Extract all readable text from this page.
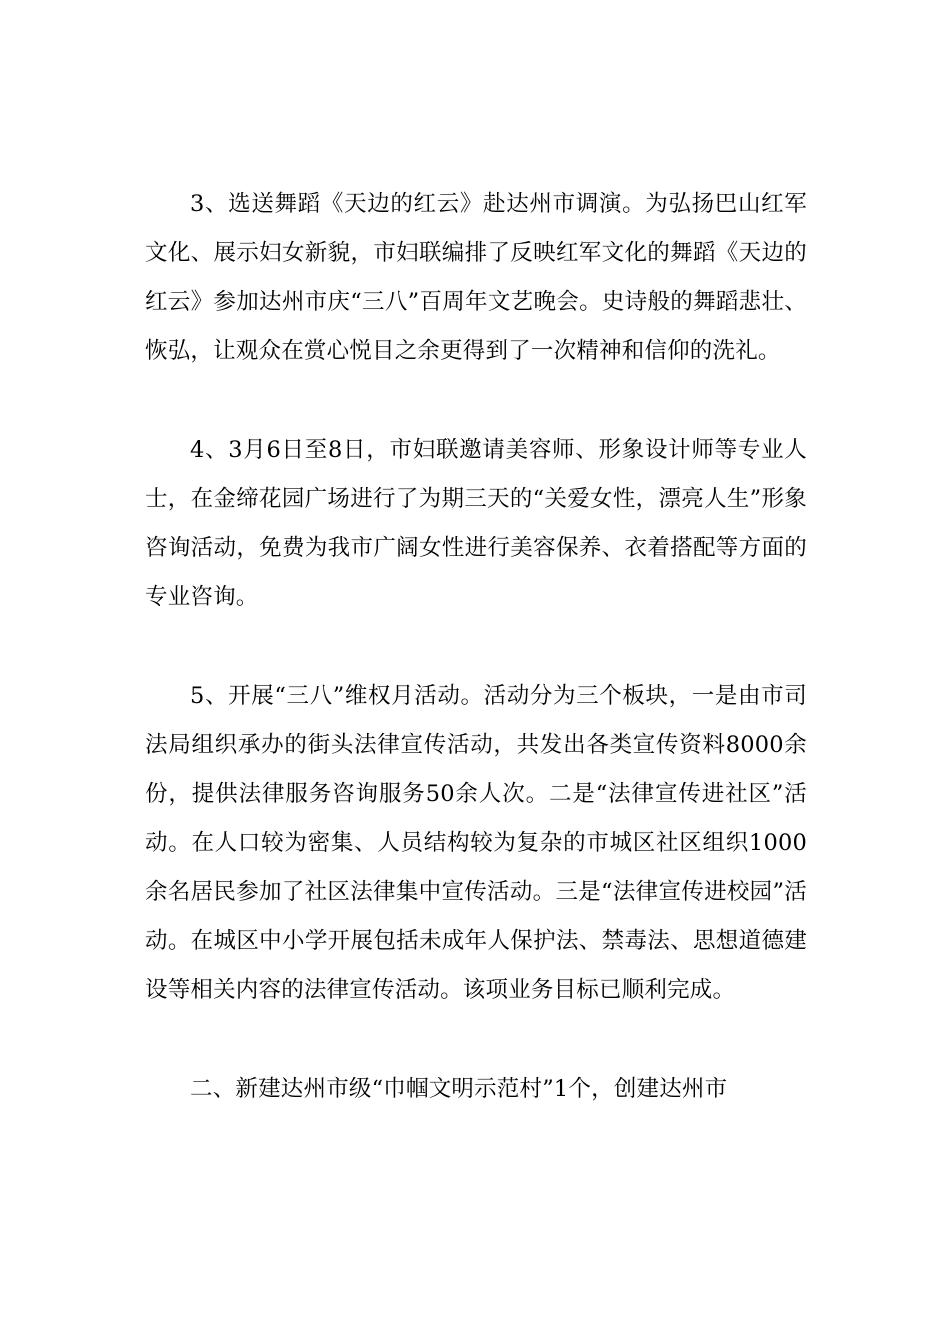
3、选送舞蹈《天边的红云》赴达州市调演。为弘扬巴山红军文化、展示妇女新貌，市妇联编排了反映红军文化的舞蹈《天边的红云》参加达州市庆“三八”百周年文艺晚会。史诗般的舞蹈悲壮、恢弘，让观众在赏心悦目之余更得到了一次精神和信仰的洗礼。

4、3月6日至8日，市妇联邀请美容师、形象设计师等专业人士，在金缔花园广场进行了为期三天的“关爱女性，漂亮人生”形象咨询活动，免费为我市广阔女性进行美容保养、衣着搭配等方面的专业咨询。

5、开展“三八”维权月活动。活动分为三个板块，一是由市司法局组织承办的街头法律宣传活动，共发出各类宣传资料8000余份，提供法律服务咨询服务50余人次。二是“法律宣传进社区”活动。在人口较为密集、人员结构较为复杂的市城区社区组织1000余名居民参加了社区法律集中宣传活动。三是“法律宣传进校园”活动。在城区中小学开展包括未成年人保护法、禁毒法、思想道德建设等相关内容的法律宣传活动。该项业务目标已顺利完成。

二、新建达州市级“巾帼文明示范村”1个，创建达州市
